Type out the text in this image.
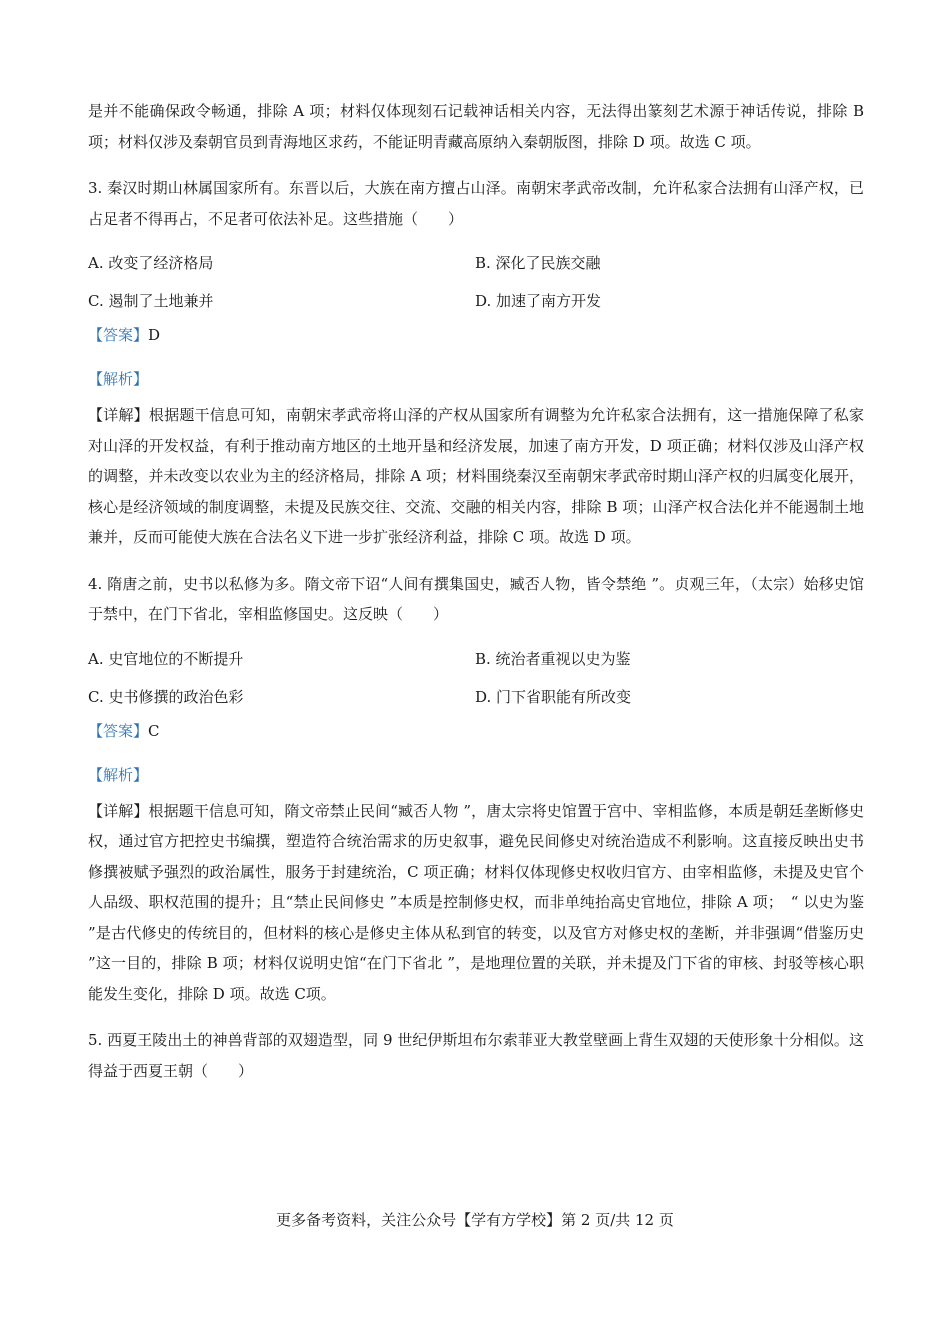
是并不能确保政令畅通，排除 A 项；材料仅体现刻石记载神话相关内容，无法得出篆刻艺术源于神话传说，排除 B 项；材料仅涉及秦朝官员到青海地区求药，不能证明青藏高原纳入秦朝版图，排除 D 项。故选 C 项。

3. 秦汉时期山林属国家所有。东晋以后，大族在南方擅占山泽。南朝宋孝武帝改制，允许私家合法拥有山泽产权，已占足者不得再占，不足者可依法补足。这些措施（　　）

A. 改变了经济格局	B. 深化了民族交融
C. 遏制了土地兼并	D. 加速了南方开发

【答案】D

【解析】

【详解】根据题干信息可知，南朝宋孝武帝将山泽的产权从国家所有调整为允许私家合法拥有，这一措施保障了私家对山泽的开发权益，有利于推动南方地区的土地开垦和经济发展，加速了南方开发，D 项正确；材料仅涉及山泽产权的调整，并未改变以农业为主的经济格局，排除 A 项；材料围绕秦汉至南朝宋孝武帝时期山泽产权的归属变化展开，核心是经济领域的制度调整，未提及民族交往、交流、交融的相关内容，排除 B 项；山泽产权合法化并不能遏制土地兼并，反而可能使大族在合法名义下进一步扩张经济利益，排除 C 项。故选 D 项。

4. 隋唐之前，史书以私修为多。隋文帝下诏“人间有撰集国史，臧否人物，皆令禁绝 ”。贞观三年，（太宗）始移史馆于禁中，在门下省北，宰相监修国史。这反映（　　）

A. 史官地位的不断提升	B. 统治者重视以史为鉴
C. 史书修撰的政治色彩	D. 门下省职能有所改变

【答案】C

【解析】

【详解】根据题干信息可知，隋文帝禁止民间“臧否人物 ”，唐太宗将史馆置于宫中、宰相监修，本质是朝廷垄断修史权，通过官方把控史书编撰，塑造符合统治需求的历史叙事，避免民间修史对统治造成不利影响。这直接反映出史书修撰被赋予强烈的政治属性，服务于封建统治，C 项正确；材料仅体现修史权收归官方、由宰相监修，未提及史官个人品级、职权范围的提升；且“禁止民间修史 ”本质是控制修史权，而非单纯抬高史官地位，排除 A 项；　“ 以史为鉴 ”是古代修史的传统目的，但材料的核心是修史主体从私到官的转变，以及官方对修史权的垄断，并非强调“借鉴历史 ”这一目的，排除 B 项；材料仅说明史馆“在门下省北 ”，是地理位置的关联，并未提及门下省的审核、封驳等核心职能发生变化，排除 D 项。故选 C项。

5. 西夏王陵出土的神兽背部的双翅造型，同 9 世纪伊斯坦布尔索菲亚大教堂壁画上背生双翅的天使形象十分相似。这得益于西夏王朝（　　）

更多备考资料，关注公众号【学有方学校】第 2 页/共 12 页
